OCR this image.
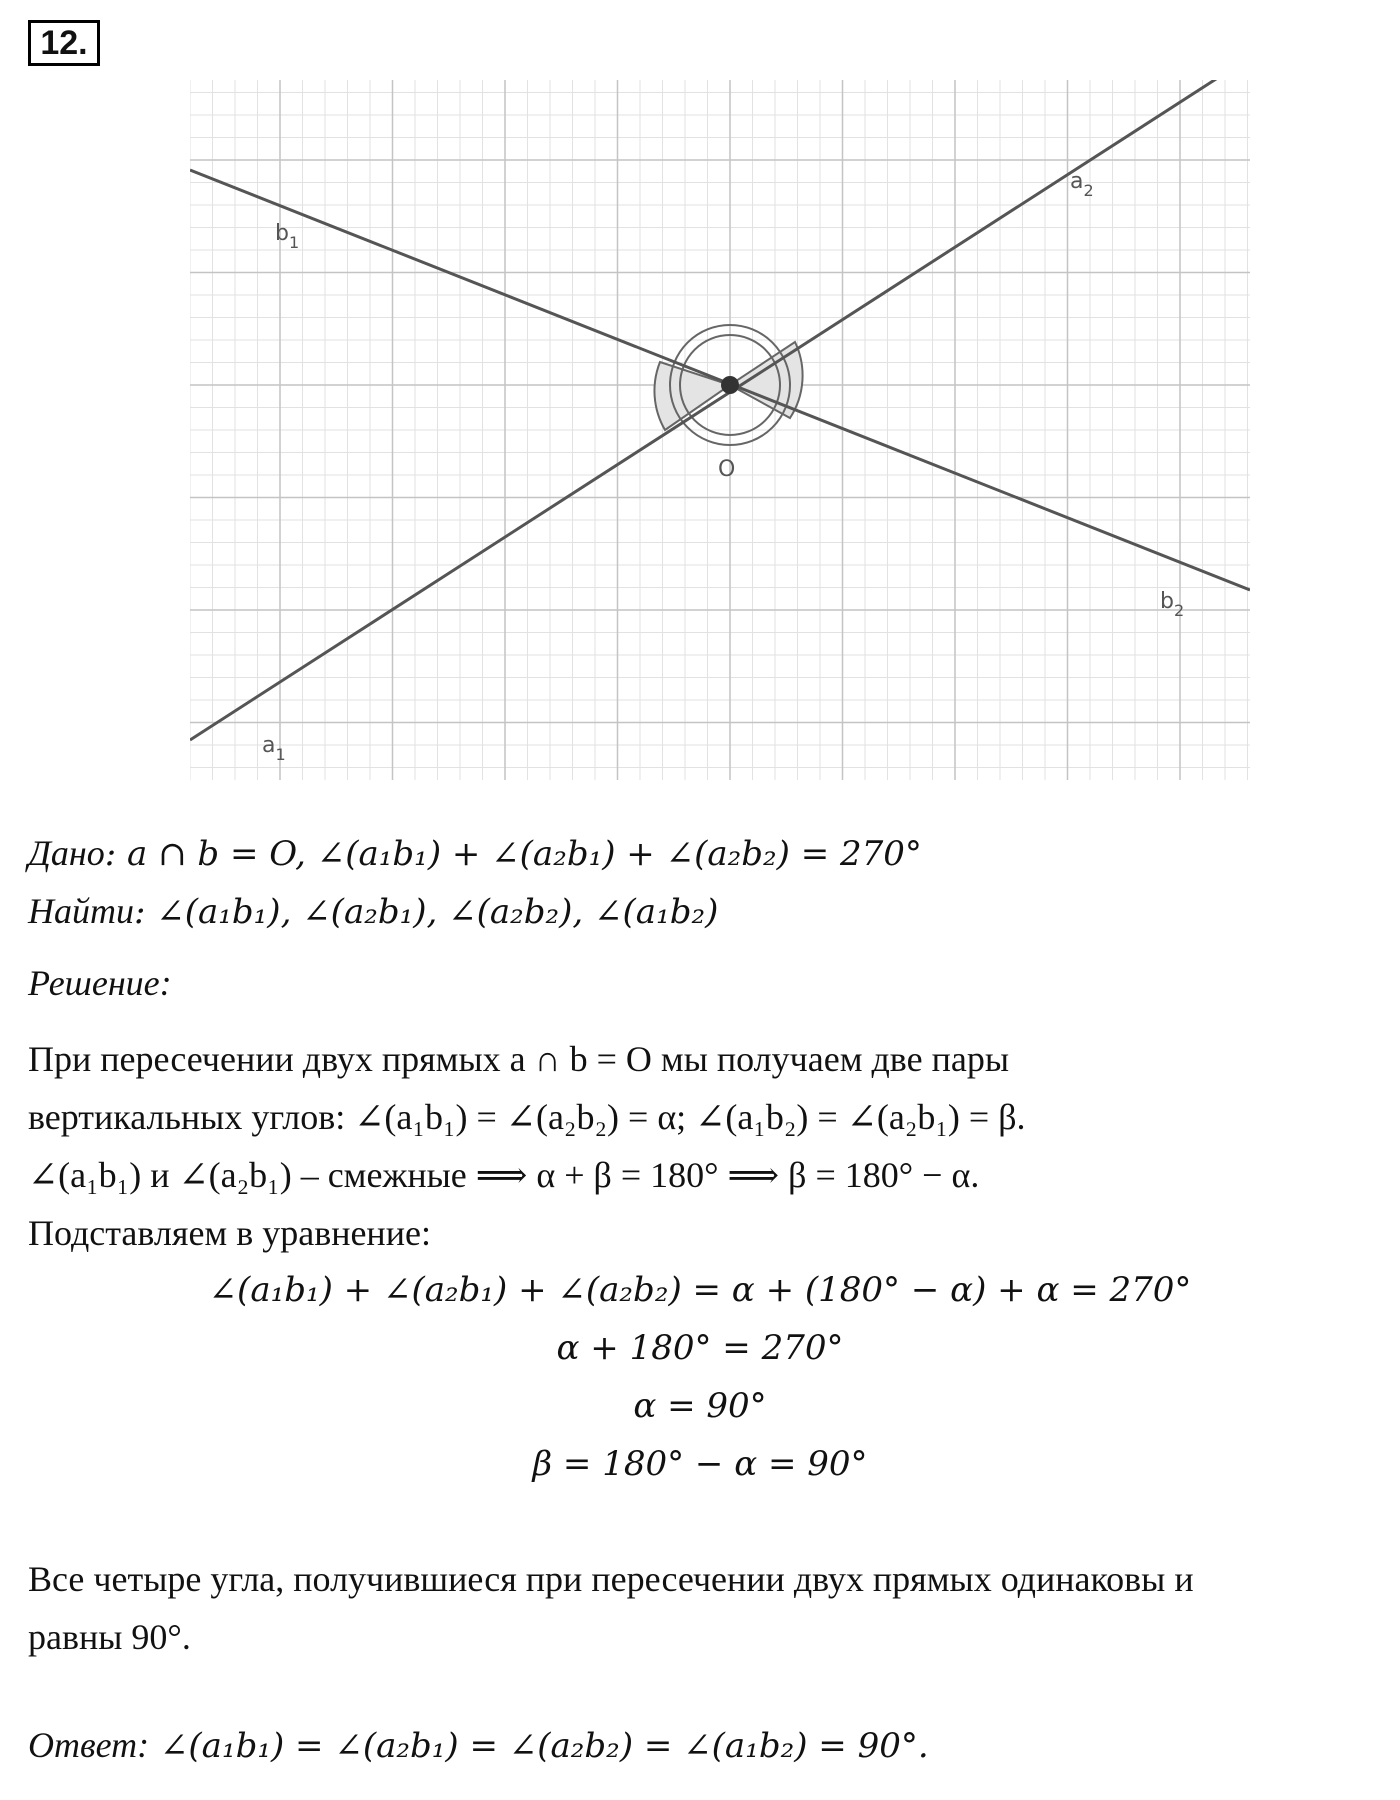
12.
$a_2$
$b_1$
$b_2$
$a_1$
O
Дано: a ∩ b = O, ∠(a₁b₁) + ∠(a₂b₁) + ∠(a₂b₂) = 270°
Найти: ∠(a₁b₁), ∠(a₂b₁), ∠(a₂b₂), ∠(a₁b₂)
Решение:
При пересечении двух прямых a ∩ b = O мы получаем две пары
вертикальных углов: ∠(a₁b₁) = ∠(a₂b₂) = α; ∠(a₁b₂) = ∠(a₂b₁) = β.
∠(a₁b₁) и ∠(a₂b₁) – смежные ⟹ α + β = 180° ⟹ β = 180° − α.
Подставляем в уравнение:
∠(a₁b₁) + ∠(a₂b₁) + ∠(a₂b₂) = α + (180° − α) + α = 270°
α + 180° = 270°
α = 90°
β = 180° − α = 90°
Все четыре угла, получившиеся при пересечении двух прямых одинаковы и
равны 90°.
Ответ: ∠(a₁b₁) = ∠(a₂b₁) = ∠(a₂b₂) = ∠(a₁b₂) = 90°.
